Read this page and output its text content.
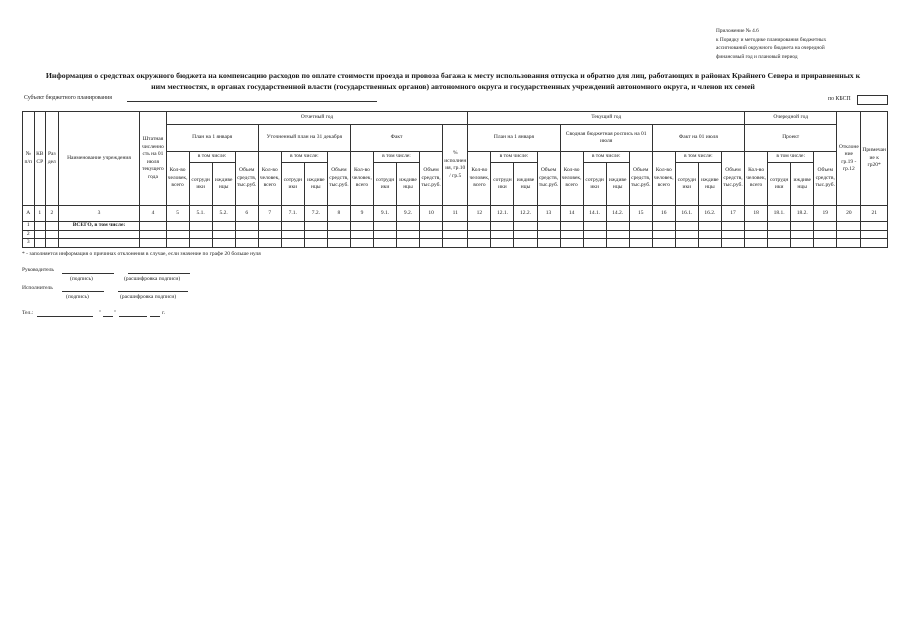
Приложение № 4.6
к Порядку и методике планирования бюджетных
ассигнований окружного бюджета на очередной
финансовый год и плановый период
Информация о средствах окружного бюджета на компенсацию расходов по оплате стоимости проезда и провоза багажа к месту использования отпуска и обратно для лиц, работающих в районах Крайнего Севера и приравненных к ним местностях, в органах государственной власти (государственных органов) автономного округа и государственных учреждений автономного округа, и членов их семей
Субъект бюджетного планирования	по КБСП
№ п/п	КВ СР	Раз дел	Наименование учреждения	Штатная численность на 01 июля текущего года	Отчетный год													Текущий год												Очередной год				Отклонение гр.19 - гр.12	Примечание к гр20*
					План на 1 января				Уточненный план на 31 декабря				Факт				% исполнения, гр.10 / гр.5	План на 1 января				Сводная бюджетная роспись на 01 июля				Факт на 01 июля				Проект					
					Кол-во человек, всего	в том числе:		Объем средств, тыс.руб.	Кол-во человек, всего	в том числе:		Объем средств, тыс.руб.	Кол-во человек, всего	в том числе:		Объем средств, тыс.руб.		Кол-во человек, всего	в том числе:		Объем средств, тыс.руб.	Кол-во человек, всего	в том числе:		Объем средств, тыс.руб.	Кол-во человек, всего	в том числе:		Объем средств, тыс.руб.	Кол-во человек, всего	в том числе:		Объем средств, тыс.руб.		
						сотрудники	иждивенцы			сотрудники	иждивенцы			сотрудники	иждивенцы				сотрудники	иждивенцы			сотрудники	иждивенцы			сотрудники	иждивенцы			сотрудники	иждивенцы			
А	1	2	3	4	5	5.1.	5.2.	6	7	7.1.	7.2.	8	9	9.1.	9.2.	10	11	12	12.1.	12.2.	13	14	14.1.	14.2.	15	16	16.1.	16.2.	17	18	18.1.	18.2.	19	20	21
1			ВСЕГО, в том числе:																																
2																																			
3																																			
* - заполняется информация о причинах отклонения в случае, если значение по графе 20 больше нуля
Руководитель
(подпись)	(расшифровка подписи)
Исполнитель
(подпись)	(расшифровка подписи)
Тел.:	" "	г.
